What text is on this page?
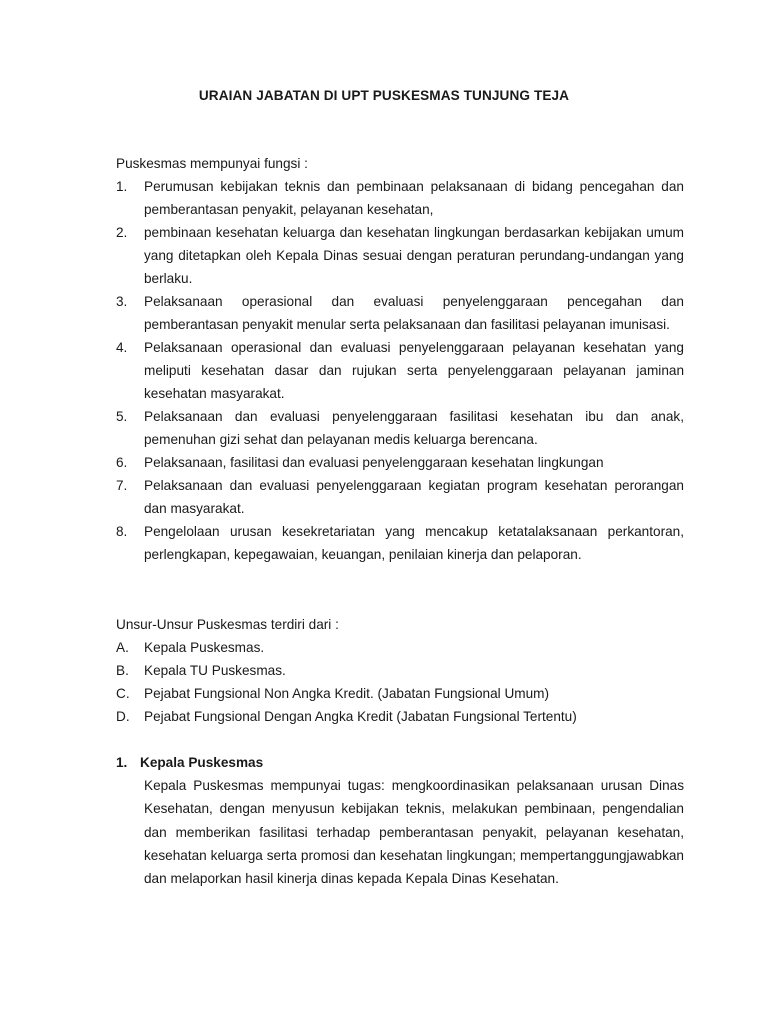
URAIAN JABATAN DI UPT PUSKESMAS TUNJUNG TEJA
Puskesmas mempunyai fungsi :
1. Perumusan kebijakan teknis dan pembinaan pelaksanaan di bidang pencegahan dan pemberantasan penyakit, pelayanan kesehatan,
2. pembinaan kesehatan keluarga dan kesehatan lingkungan berdasarkan kebijakan umum yang ditetapkan oleh Kepala Dinas sesuai dengan peraturan perundang-undangan yang berlaku.
3. Pelaksanaan operasional dan evaluasi penyelenggaraan pencegahan dan pemberantasan penyakit menular serta pelaksanaan dan fasilitasi pelayanan imunisasi.
4. Pelaksanaan operasional dan evaluasi penyelenggaraan pelayanan kesehatan yang meliputi kesehatan dasar dan rujukan serta penyelenggaraan pelayanan jaminan kesehatan masyarakat.
5. Pelaksanaan dan evaluasi penyelenggaraan fasilitasi kesehatan ibu dan anak, pemenuhan gizi sehat dan pelayanan medis keluarga berencana.
6. Pelaksanaan, fasilitasi dan evaluasi penyelenggaraan kesehatan lingkungan
7. Pelaksanaan dan evaluasi penyelenggaraan kegiatan program kesehatan perorangan dan masyarakat.
8. Pengelolaan urusan kesekretariatan yang mencakup ketatalaksanaan perkantoran, perlengkapan, kepegawaian, keuangan, penilaian kinerja dan pelaporan.
Unsur-Unsur Puskesmas terdiri dari :
A. Kepala Puskesmas.
B. Kepala TU Puskesmas.
C. Pejabat Fungsional Non Angka Kredit. (Jabatan Fungsional Umum)
D. Pejabat Fungsional Dengan Angka Kredit (Jabatan Fungsional Tertentu)
1. Kepala Puskesmas
Kepala Puskesmas mempunyai tugas: mengkoordinasikan pelaksanaan urusan Dinas Kesehatan, dengan menyusun kebijakan teknis, melakukan pembinaan, pengendalian dan memberikan fasilitasi terhadap pemberantasan penyakit, pelayanan kesehatan, kesehatan keluarga serta promosi dan kesehatan lingkungan; mempertanggungjawabkan dan melaporkan hasil kinerja dinas kepada Kepala Dinas Kesehatan.
